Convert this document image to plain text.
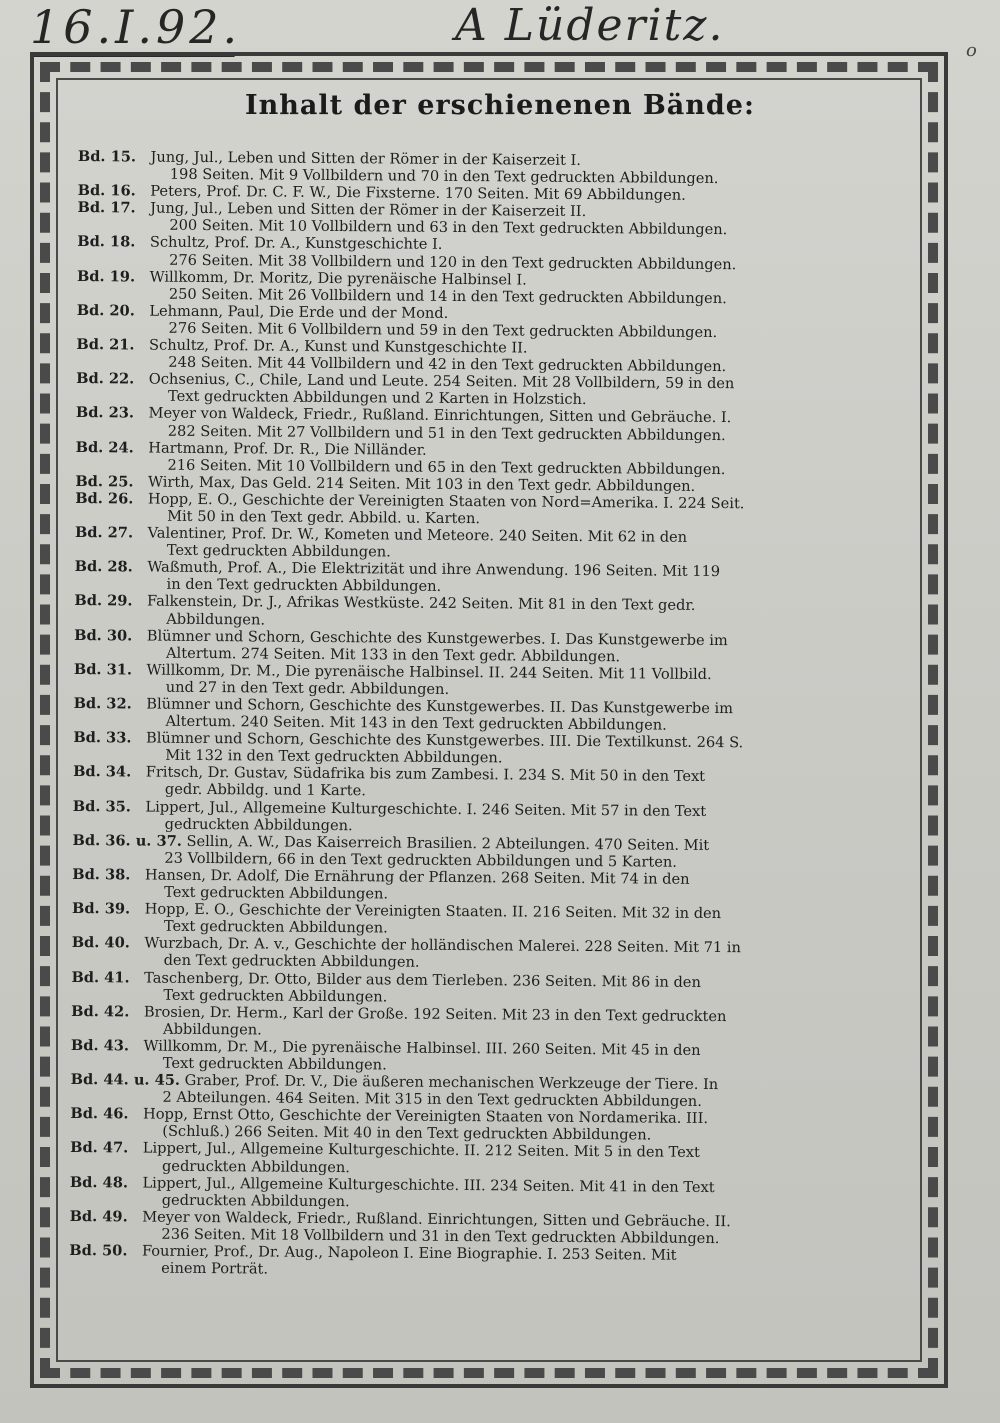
16.I.92.	A Lüderitz.	o
Inhalt der erschienenen Bände:
Bd. 15. Jung, Jul., Leben und Sitten der Römer in der Kaiserzeit I.
198 Seiten. Mit 9 Vollbildern und 70 in den Text gedruckten Abbildungen.
Bd. 16. Peters, Prof. Dr. C. F. W., Die Fixsterne. 170 Seiten. Mit 69 Abbildungen.
Bd. 17. Jung, Jul., Leben und Sitten der Römer in der Kaiserzeit II.
200 Seiten. Mit 10 Vollbildern und 63 in den Text gedruckten Abbildungen.
Bd. 18. Schultz, Prof. Dr. A., Kunstgeschichte I.
276 Seiten. Mit 38 Vollbildern und 120 in den Text gedruckten Abbildungen.
Bd. 19. Willkomm, Dr. Moritz, Die pyrenäische Halbinsel I.
250 Seiten. Mit 26 Vollbildern und 14 in den Text gedruckten Abbildungen.
Bd. 20. Lehmann, Paul, Die Erde und der Mond.
276 Seiten. Mit 6 Vollbildern und 59 in den Text gedruckten Abbildungen.
Bd. 21. Schultz, Prof. Dr. A., Kunst und Kunstgeschichte II.
248 Seiten. Mit 44 Vollbildern und 42 in den Text gedruckten Abbildungen.
Bd. 22. Ochsenius, C., Chile, Land und Leute. 254 Seiten. Mit 28 Vollbildern, 59 in den
Text gedruckten Abbildungen und 2 Karten in Holzstich.
Bd. 23. Meyer von Waldeck, Friedr., Rußland. Einrichtungen, Sitten und Gebräuche. I.
282 Seiten. Mit 27 Vollbildern und 51 in den Text gedruckten Abbildungen.
Bd. 24. Hartmann, Prof. Dr. R., Die Nilländer.
216 Seiten. Mit 10 Vollbildern und 65 in den Text gedruckten Abbildungen.
Bd. 25. Wirth, Max, Das Geld. 214 Seiten. Mit 103 in den Text gedr. Abbildungen.
Bd. 26. Hopp, E. O., Geschichte der Vereinigten Staaten von Nord=Amerika. I. 224 Seit.
Mit 50 in den Text gedr. Abbild. u. Karten.
Bd. 27. Valentiner, Prof. Dr. W., Kometen und Meteore. 240 Seiten. Mit 62 in den
Text gedruckten Abbildungen.
Bd. 28. Waßmuth, Prof. A., Die Elektrizität und ihre Anwendung. 196 Seiten. Mit 119
in den Text gedruckten Abbildungen.
Bd. 29. Falkenstein, Dr. J., Afrikas Westküste. 242 Seiten. Mit 81 in den Text gedr.
Abbildungen.
Bd. 30. Blümner und Schorn, Geschichte des Kunstgewerbes. I. Das Kunstgewerbe im
Altertum. 274 Seiten. Mit 133 in den Text gedr. Abbildungen.
Bd. 31. Willkomm, Dr. M., Die pyrenäische Halbinsel. II. 244 Seiten. Mit 11 Vollbild.
und 27 in den Text gedr. Abbildungen.
Bd. 32. Blümner und Schorn, Geschichte des Kunstgewerbes. II. Das Kunstgewerbe im
Altertum. 240 Seiten. Mit 143 in den Text gedruckten Abbildungen.
Bd. 33. Blümner und Schorn, Geschichte des Kunstgewerbes. III. Die Textilkunst. 264 S.
Mit 132 in den Text gedruckten Abbildungen.
Bd. 34. Fritsch, Dr. Gustav, Südafrika bis zum Zambesi. I. 234 S. Mit 50 in den Text
gedr. Abbildg. und 1 Karte.
Bd. 35. Lippert, Jul., Allgemeine Kulturgeschichte. I. 246 Seiten. Mit 57 in den Text
gedruckten Abbildungen.
Bd. 36. u. 37. Sellin, A. W., Das Kaiserreich Brasilien. 2 Abteilungen. 470 Seiten. Mit
23 Vollbildern, 66 in den Text gedruckten Abbildungen und 5 Karten.
Bd. 38. Hansen, Dr. Adolf, Die Ernährung der Pflanzen. 268 Seiten. Mit 74 in den
Text gedruckten Abbildungen.
Bd. 39. Hopp, E. O., Geschichte der Vereinigten Staaten. II. 216 Seiten. Mit 32 in den
Text gedruckten Abbildungen.
Bd. 40. Wurzbach, Dr. A. v., Geschichte der holländischen Malerei. 228 Seiten. Mit 71 in
den Text gedruckten Abbildungen.
Bd. 41. Taschenberg, Dr. Otto, Bilder aus dem Tierleben. 236 Seiten. Mit 86 in den
Text gedruckten Abbildungen.
Bd. 42. Brosien, Dr. Herm., Karl der Große. 192 Seiten. Mit 23 in den Text gedruckten
Abbildungen.
Bd. 43. Willkomm, Dr. M., Die pyrenäische Halbinsel. III. 260 Seiten. Mit 45 in den
Text gedruckten Abbildungen.
Bd. 44. u. 45. Graber, Prof. Dr. V., Die äußeren mechanischen Werkzeuge der Tiere. In
2 Abteilungen. 464 Seiten. Mit 315 in den Text gedruckten Abbildungen.
Bd. 46. Hopp, Ernst Otto, Geschichte der Vereinigten Staaten von Nordamerika. III.
(Schluß.) 266 Seiten. Mit 40 in den Text gedruckten Abbildungen.
Bd. 47. Lippert, Jul., Allgemeine Kulturgeschichte. II. 212 Seiten. Mit 5 in den Text
gedruckten Abbildungen.
Bd. 48. Lippert, Jul., Allgemeine Kulturgeschichte. III. 234 Seiten. Mit 41 in den Text
gedruckten Abbildungen.
Bd. 49. Meyer von Waldeck, Friedr., Rußland. Einrichtungen, Sitten und Gebräuche. II.
236 Seiten. Mit 18 Vollbildern und 31 in den Text gedruckten Abbildungen.
Bd. 50. Fournier, Prof., Dr. Aug., Napoleon I. Eine Biographie. I. 253 Seiten. Mit
einem Porträt.
